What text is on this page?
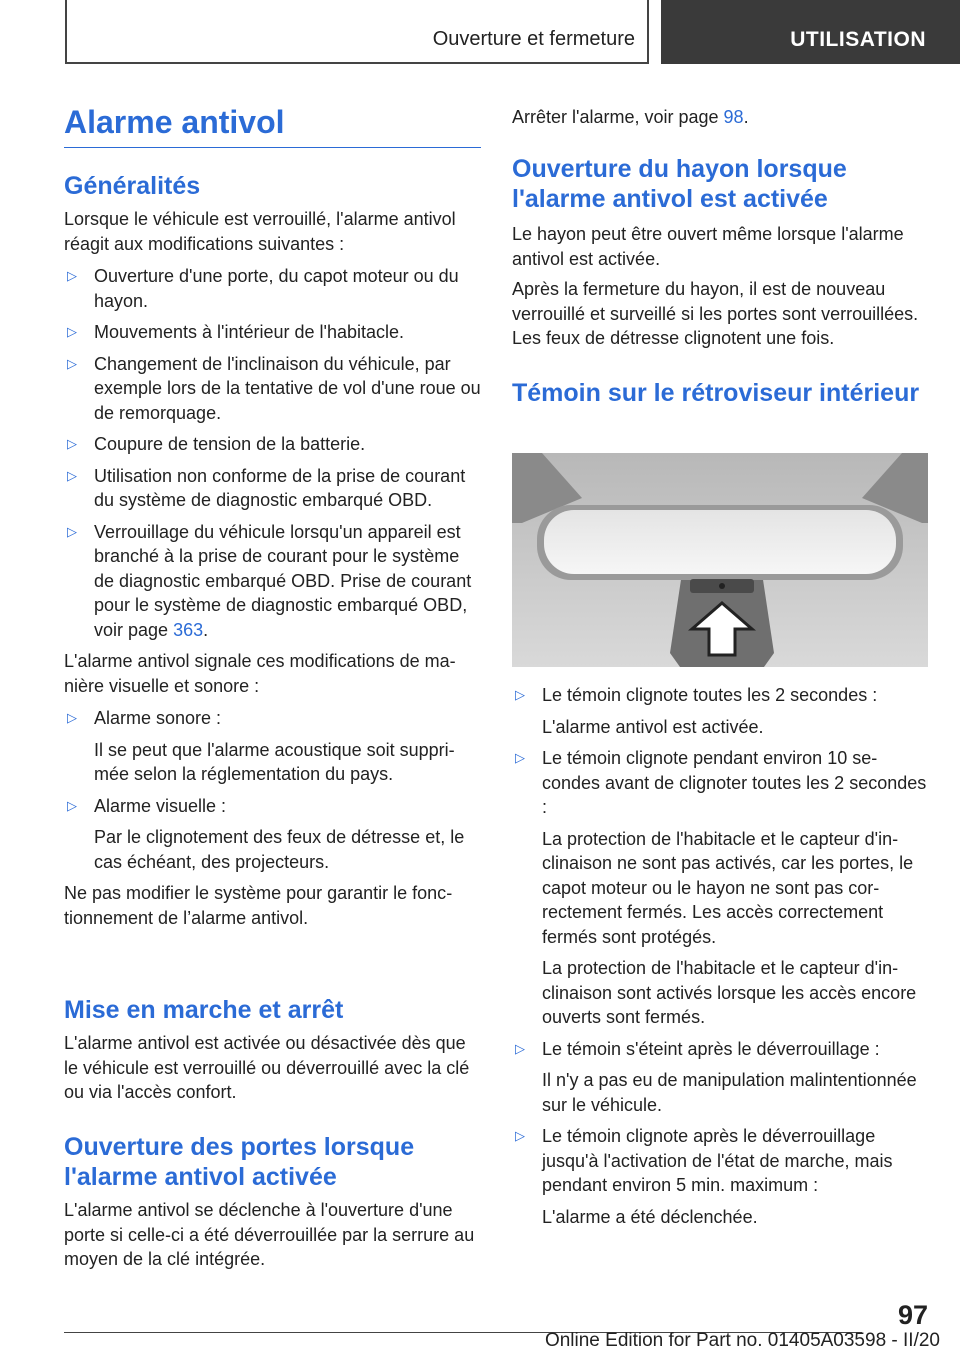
Ouverture et fermeture	UTILISATION
Alarme antivol
Généralités

Lorsque le véhicule est verrouillé, l'alarme antivol réagit aux modifications suivantes :

▷ Ouverture d'une porte, du capot moteur ou du hayon.
▷ Mouvements à l'intérieur de l'habitacle.
▷ Changement de l'inclinaison du véhicule, par exemple lors de la tentative de vol d'une roue ou de remorquage.
▷ Coupure de tension de la batterie.
▷ Utilisation non conforme de la prise de courant du système de diagnostic embarqué OBD.
▷ Verrouillage du véhicule lorsqu'un appareil est branché à la prise de courant pour le système de diagnostic embarqué OBD. Prise de courant pour le système de diagnostic embarqué OBD, voir page 363.

L'alarme antivol signale ces modifications de manière visuelle et sonore :

▷ Alarme sonore :
Il se peut que l'alarme acoustique soit supprimée selon la réglementation du pays.
▷ Alarme visuelle :
Par le clignotement des feux de détresse et, le cas échéant, des projecteurs.

Ne pas modifier le système pour garantir le fonctionnement de l’alarme antivol.

Mise en marche et arrêt

L'alarme antivol est activée ou désactivée dès que le véhicule est verrouillé ou déverrouillé avec la clé ou via l'accès confort.

Ouverture des portes lorsque l'alarme antivol activée

L'alarme antivol se déclenche à l'ouverture d'une porte si celle-ci a été déverrouillée par la serrure au moyen de la clé intégrée.

Arrêter l'alarme, voir page 98.

Ouverture du hayon lorsque l'alarme antivol est activée

Le hayon peut être ouvert même lorsque l'alarme antivol est activée.

Après la fermeture du hayon, il est de nouveau verrouillé et surveillé si les portes sont verrouillées. Les feux de détresse clignotent une fois.

Témoin sur le rétroviseur intérieur
▷ Le témoin clignote toutes les 2 secondes :
L'alarme antivol est activée.
▷ Le témoin clignote pendant environ 10 secondes avant de clignoter toutes les 2 secondes :
La protection de l'habitacle et le capteur d'inclinaison ne sont pas activés, car les portes, le capot moteur ou le hayon ne sont pas correctement fermés. Les accès correctement fermés sont protégés.
La protection de l'habitacle et le capteur d'inclinaison sont activés lorsque les accès encore ouverts sont fermés.
▷ Le témoin s'éteint après le déverrouillage :
Il n'y a pas eu de manipulation malintentionnée sur le véhicule.
▷ Le témoin clignote après le déverrouillage jusqu'à l'activation de l'état de marche, mais pendant environ 5 min. maximum :
L'alarme a été déclenchée.
97
Online Edition for Part no. 01405A03598 - II/20
